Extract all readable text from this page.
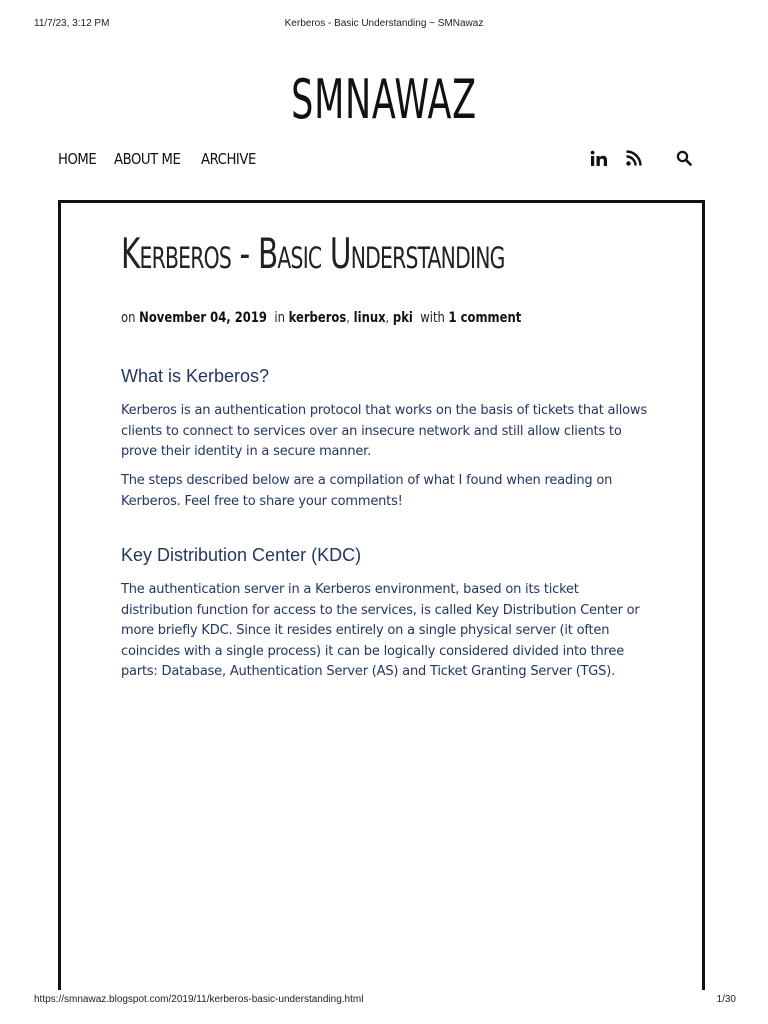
11/7/23, 3:12 PM	Kerberos - Basic Understanding ~ SMNawaz
SMNAWAZ
HOME ABOUT ME ARCHIVE
Kerberos - Basic Understanding
on November 04, 2019 in kerberos, linux, pki with 1 comment
What is Kerberos?

Kerberos is an authentication protocol that works on the basis of tickets that allows clients to connect to services over an insecure network and still allow clients to prove their identity in a secure manner.

The steps described below are a compilation of what I found when reading on Kerberos. Feel free to share your comments!

Key Distribution Center (KDC)

The authentication server in a Kerberos environment, based on its ticket distribution function for access to the services, is called Key Distribution Center or more briefly KDC. Since it resides entirely on a single physical server (it often coincides with a single process) it can be logically considered divided into three parts: Database, Authentication Server (AS) and Ticket Granting Server (TGS).

https://smnawaz.blogspot.com/2019/11/kerberos-basic-understanding.html	1/30
